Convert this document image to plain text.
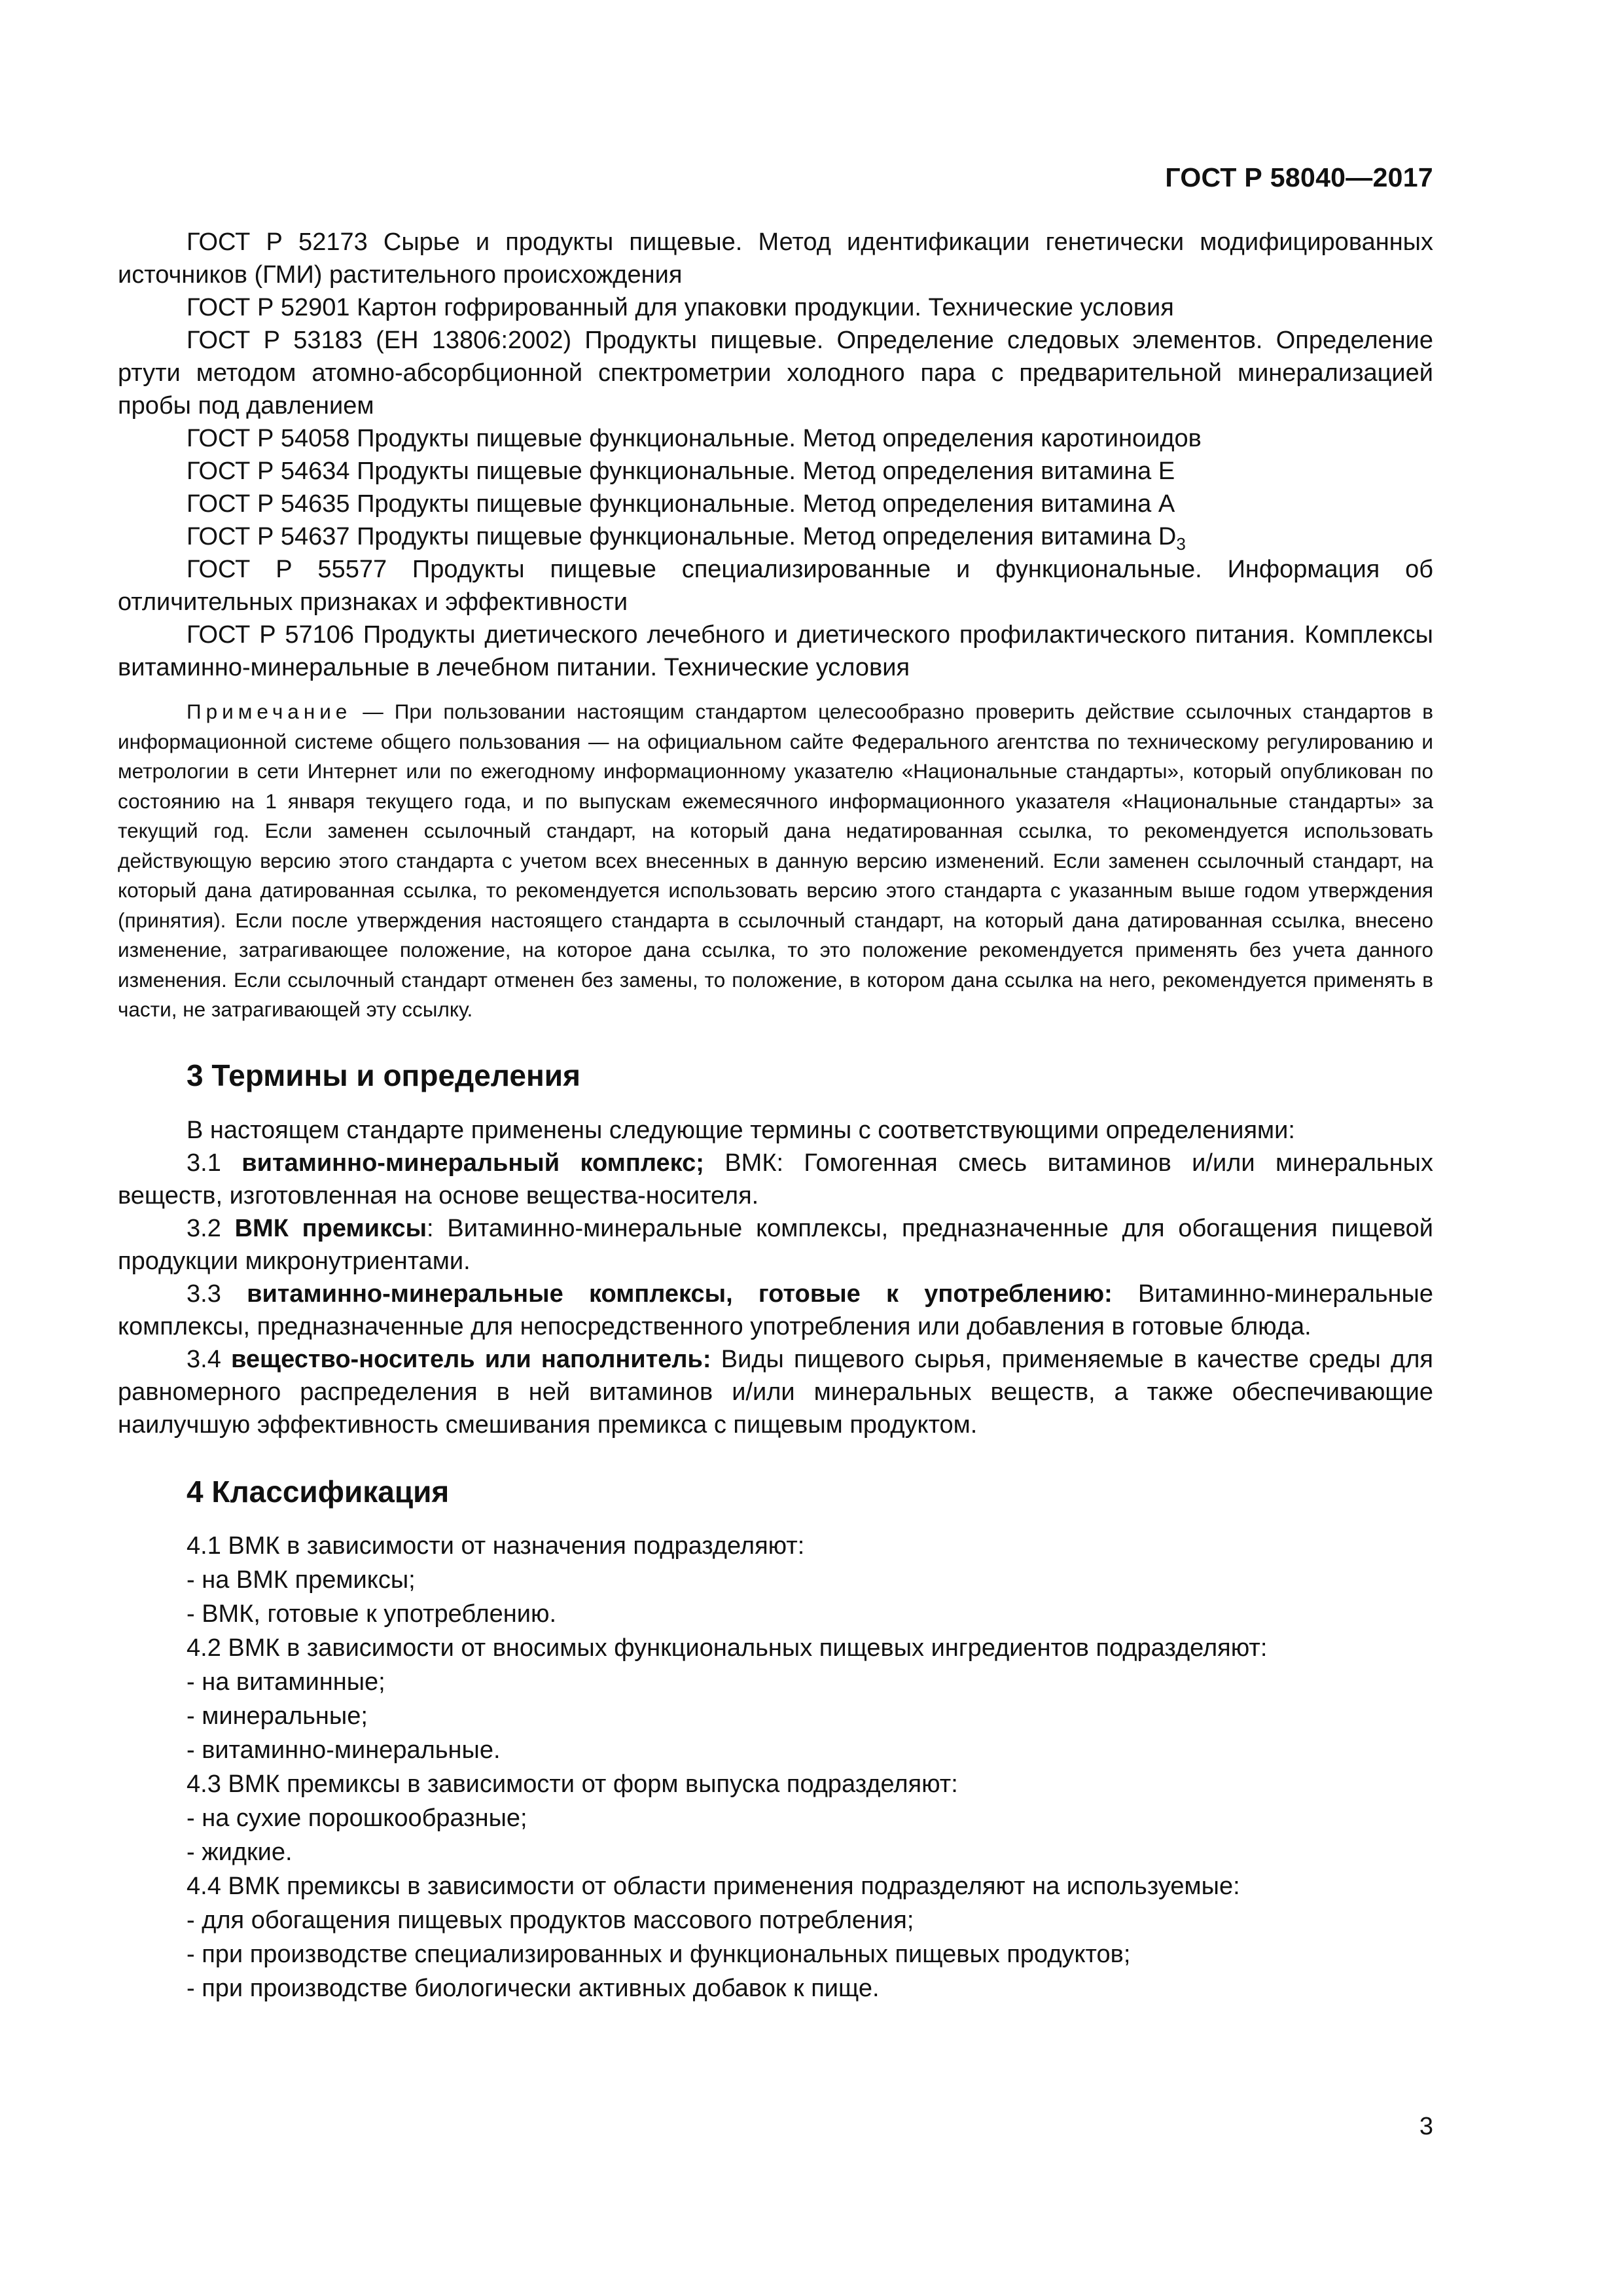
ГОСТ Р 58040—2017

ГОСТ Р 52173 Сырье и продукты пищевые. Метод идентификации генетически модифицированных источников (ГМИ) растительного происхождения

ГОСТ Р 52901 Картон гофрированный для упаковки продукции. Технические условия

ГОСТ Р 53183 (ЕН 13806:2002) Продукты пищевые. Определение следовых элементов. Определение ртути методом атомно-абсорбционной спектрометрии холодного пара с предварительной минерализацией пробы под давлением

ГОСТ Р 54058 Продукты пищевые функциональные. Метод определения каротиноидов

ГОСТ Р 54634 Продукты пищевые функциональные. Метод определения витамина Е

ГОСТ Р 54635 Продукты пищевые функциональные. Метод определения витамина А

ГОСТ Р 54637 Продукты пищевые функциональные. Метод определения витамина $D_3$

ГОСТ Р 55577 Продукты пищевые специализированные и функциональные. Информация об отличительных признаках и эффективности

ГОСТ Р 57106 Продукты диетического лечебного и диетического профилактического питания. Комплексы витаминно-минеральные в лечебном питании. Технические условия

Примечание — При пользовании настоящим стандартом целесообразно проверить действие ссылочных стандартов в информационной системе общего пользования — на официальном сайте Федерального агентства по техническому регулированию и метрологии в сети Интернет или по ежегодному информационному указателю «Национальные стандарты», который опубликован по состоянию на 1 января текущего года, и по выпускам ежемесячного информационного указателя «Национальные стандарты» за текущий год. Если заменен ссылочный стандарт, на который дана недатированная ссылка, то рекомендуется использовать действующую версию этого стандарта с учетом всех внесенных в данную версию изменений. Если заменен ссылочный стандарт, на который дана датированная ссылка, то рекомендуется использовать версию этого стандарта с указанным выше годом утверждения (принятия). Если после утверждения настоящего стандарта в ссылочный стандарт, на который дана датированная ссылка, внесено изменение, затрагивающее положение, на которое дана ссылка, то это положение рекомендуется применять без учета данного изменения. Если ссылочный стандарт отменен без замены, то положение, в котором дана ссылка на него, рекомендуется применять в части, не затрагивающей эту ссылку.

3 Термины и определения

В настоящем стандарте применены следующие термины с соответствующими определениями:

3.1 витаминно-минеральный комплекс; ВМК: Гомогенная смесь витаминов и/или минеральных веществ, изготовленная на основе вещества-носителя.

3.2 ВМК премиксы: Витаминно-минеральные комплексы, предназначенные для обогащения пищевой продукции микронутриентами.

3.3 витаминно-минеральные комплексы, готовые к употреблению: Витаминно-минеральные комплексы, предназначенные для непосредственного употребления или добавления в готовые блюда.

3.4 вещество-носитель или наполнитель: Виды пищевого сырья, применяемые в качестве среды для равномерного распределения в ней витаминов и/или минеральных веществ, а также обеспечивающие наилучшую эффективность смешивания премикса с пищевым продуктом.

4 Классификация

4.1 ВМК в зависимости от назначения подразделяют:

- на ВМК премиксы;

- ВМК, готовые к употреблению.

4.2 ВМК в зависимости от вносимых функциональных пищевых ингредиентов подразделяют:

- на витаминные;

- минеральные;

- витаминно-минеральные.

4.3 ВМК премиксы в зависимости от форм выпуска подразделяют:

- на сухие порошкообразные;

- жидкие.

4.4 ВМК премиксы в зависимости от области применения подразделяют на используемые:

- для обогащения пищевых продуктов массового потребления;

- при производстве специализированных и функциональных пищевых продуктов;

- при производстве биологически активных добавок к пище.

3
